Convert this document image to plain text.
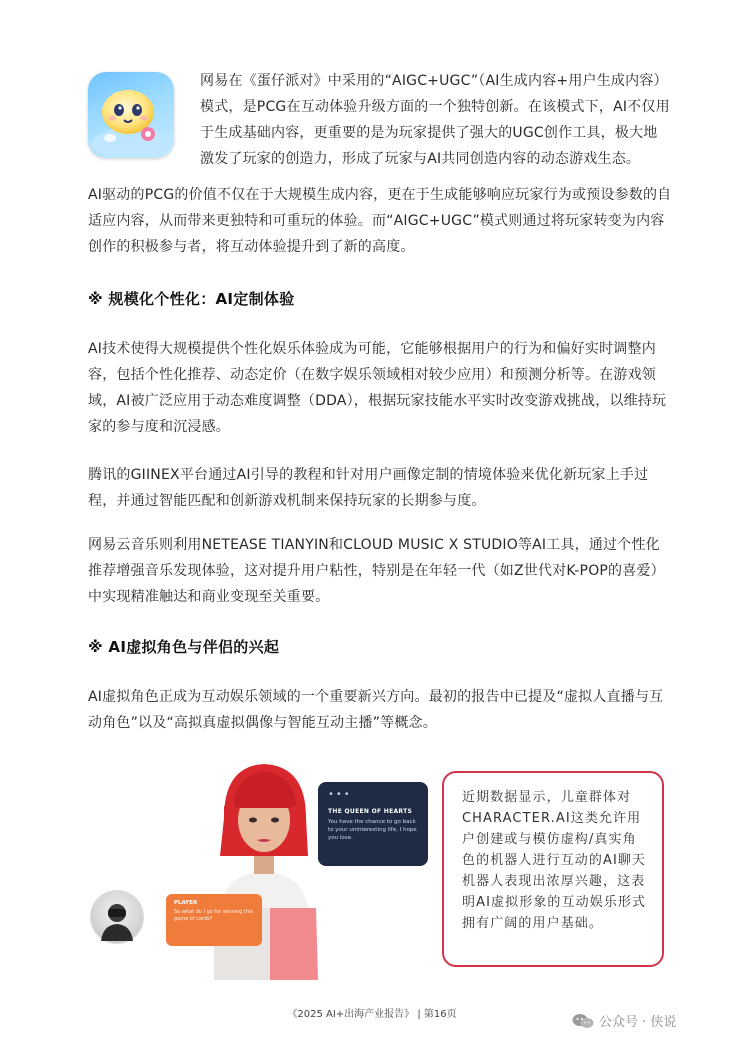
网易在《蛋仔派对》中采用的“AIGC+UGC”（AI生成内容+用户生成内容）模式，是PCG在互动体验升级方面的一个独特创新。在该模式下，AI不仅用于生成基础内容，更重要的是为玩家提供了强大的UGC创作工具，极大地激发了玩家的创造力，形成了玩家与AI共同创造内容的动态游戏生态。

AI驱动的PCG的价值不仅在于大规模生成内容，更在于生成能够响应玩家行为或预设参数的自适应内容，从而带来更独特和可重玩的体验。而“AIGC+UGC”模式则通过将玩家转变为内容创作的积极参与者，将互动体验提升到了新的高度。

※ 规模化个性化：AI定制体验

AI技术使得大规模提供个性化娱乐体验成为可能，它能够根据用户的行为和偏好实时调整内容，包括个性化推荐、动态定价（在数字娱乐领域相对较少应用）和预测分析等。在游戏领域，AI被广泛应用于动态难度调整（DDA），根据玩家技能水平实时改变游戏挑战，以维持玩家的参与度和沉浸感。

腾讯的GIINEX平台通过AI引导的教程和针对用户画像定制的情境体验来优化新玩家上手过程，并通过智能匹配和创新游戏机制来保持玩家的长期参与度。

网易云音乐则利用NETEASE TIANYIN和CLOUD MUSIC X STUDIO等AI工具，通过个性化推荐增强音乐发现体验，这对提升用户粘性，特别是在年轻一代（如Z世代对K-POP的喜爱）中实现精准触达和商业变现至关重要。

※ AI虚拟角色与伴侣的兴起

AI虚拟角色正成为互动娱乐领域的一个重要新兴方向。最初的报告中已提及“虚拟人直播与互动角色”以及“高拟真虚拟偶像与智能互动主播”等概念。

•••
THE QUEEN OF HEARTS
You have the chance to go back to your uninteresting life, I hope you lose.
PLAYER
So what do I go for winning this game of cards?

近期数据显示，儿童群体对CHARACTER.AI这类允许用户创建或与模仿虚构/真实角色的机器人进行互动的AI聊天机器人表现出浓厚兴趣，这表明AI虚拟形象的互动娱乐形式拥有广阔的用户基础。

《2025 AI+出海产业报告》 | 第16页
公众号 · 侠说
